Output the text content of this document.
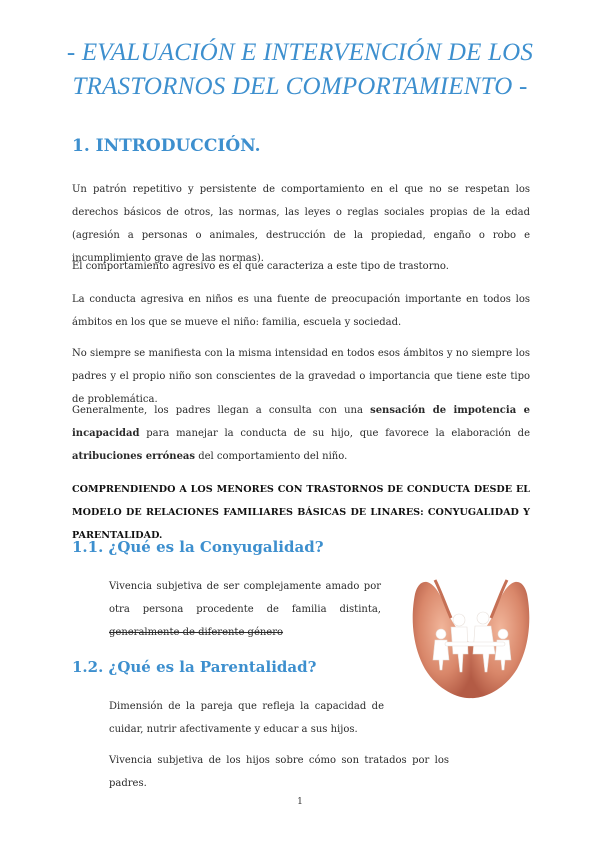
- EVALUACIÓN E INTERVENCIÓN DE LOS
TRASTORNOS DEL COMPORTAMIENTO -
1. INTRODUCCIÓN.
Un patrón repetitivo y persistente de comportamiento en el que no se respetan los derechos básicos de otros, las normas, las leyes o reglas sociales propias de la edad (agresión a personas o animales, destrucción de la propiedad, engaño o robo e incumplimiento grave de las normas).
El comportamiento agresivo es el que caracteriza a este tipo de trastorno.
La conducta agresiva en niños es una fuente de preocupación importante en todos los ámbitos en los que se mueve el niño: familia, escuela y sociedad.
No siempre se manifiesta con la misma intensidad en todos esos ámbitos y no siempre los padres y el propio niño son conscientes de la gravedad o importancia que tiene este tipo de problemática.
Generalmente, los padres llegan a consulta con una sensación de impotencia e incapacidad para manejar la conducta de su hijo, que favorece la elaboración de atribuciones erróneas del comportamiento del niño.
COMPRENDIENDO A LOS MENORES CON TRASTORNOS DE CONDUCTA DESDE EL MODELO DE RELACIONES FAMILIARES BÁSICAS DE LINARES: CONYUGALIDAD Y PARENTALIDAD.
1.1. ¿Qué es la Conyugalidad?
Vivencia subjetiva de ser complejamente amado por otra persona procedente de familia distinta, generalmente de diferente género
1.2. ¿Qué es la Parentalidad?
Dimensión de la pareja que refleja la capacidad de cuidar, nutrir afectivamente y educar a sus hijos.
Vivencia subjetiva de los hijos sobre cómo son tratados por los padres.
1
